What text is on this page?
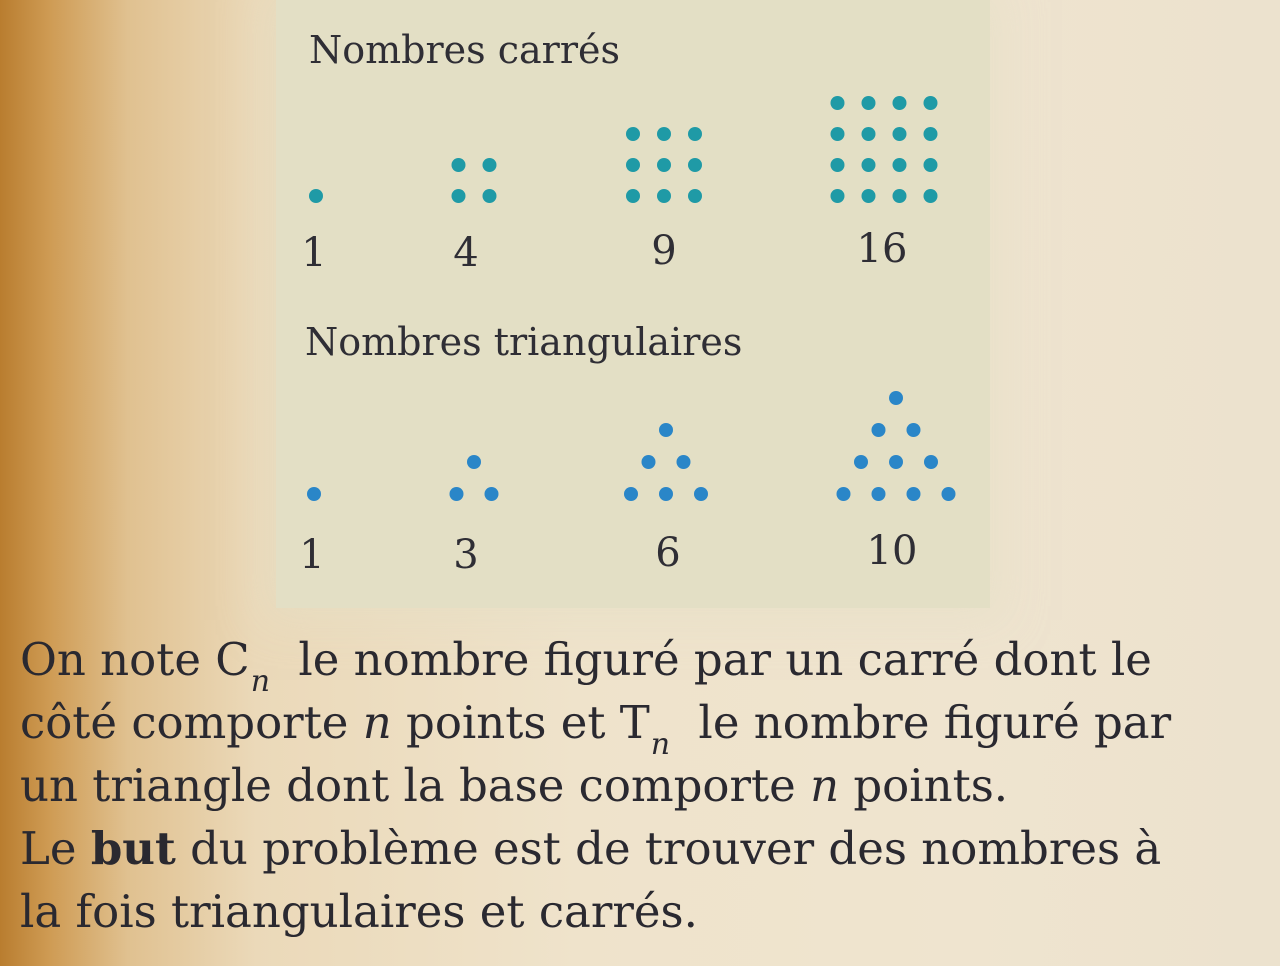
Nombres carrés
Nombres triangulaires
1	4	9	16
1	3	6	10
On note $C_n$ le nombre figuré par un carré dont le
côté comporte n points et $T_n$ le nombre figuré par
un triangle dont la base comporte n points.
Le but du problème est de trouver des nombres à
la fois triangulaires et carrés.
